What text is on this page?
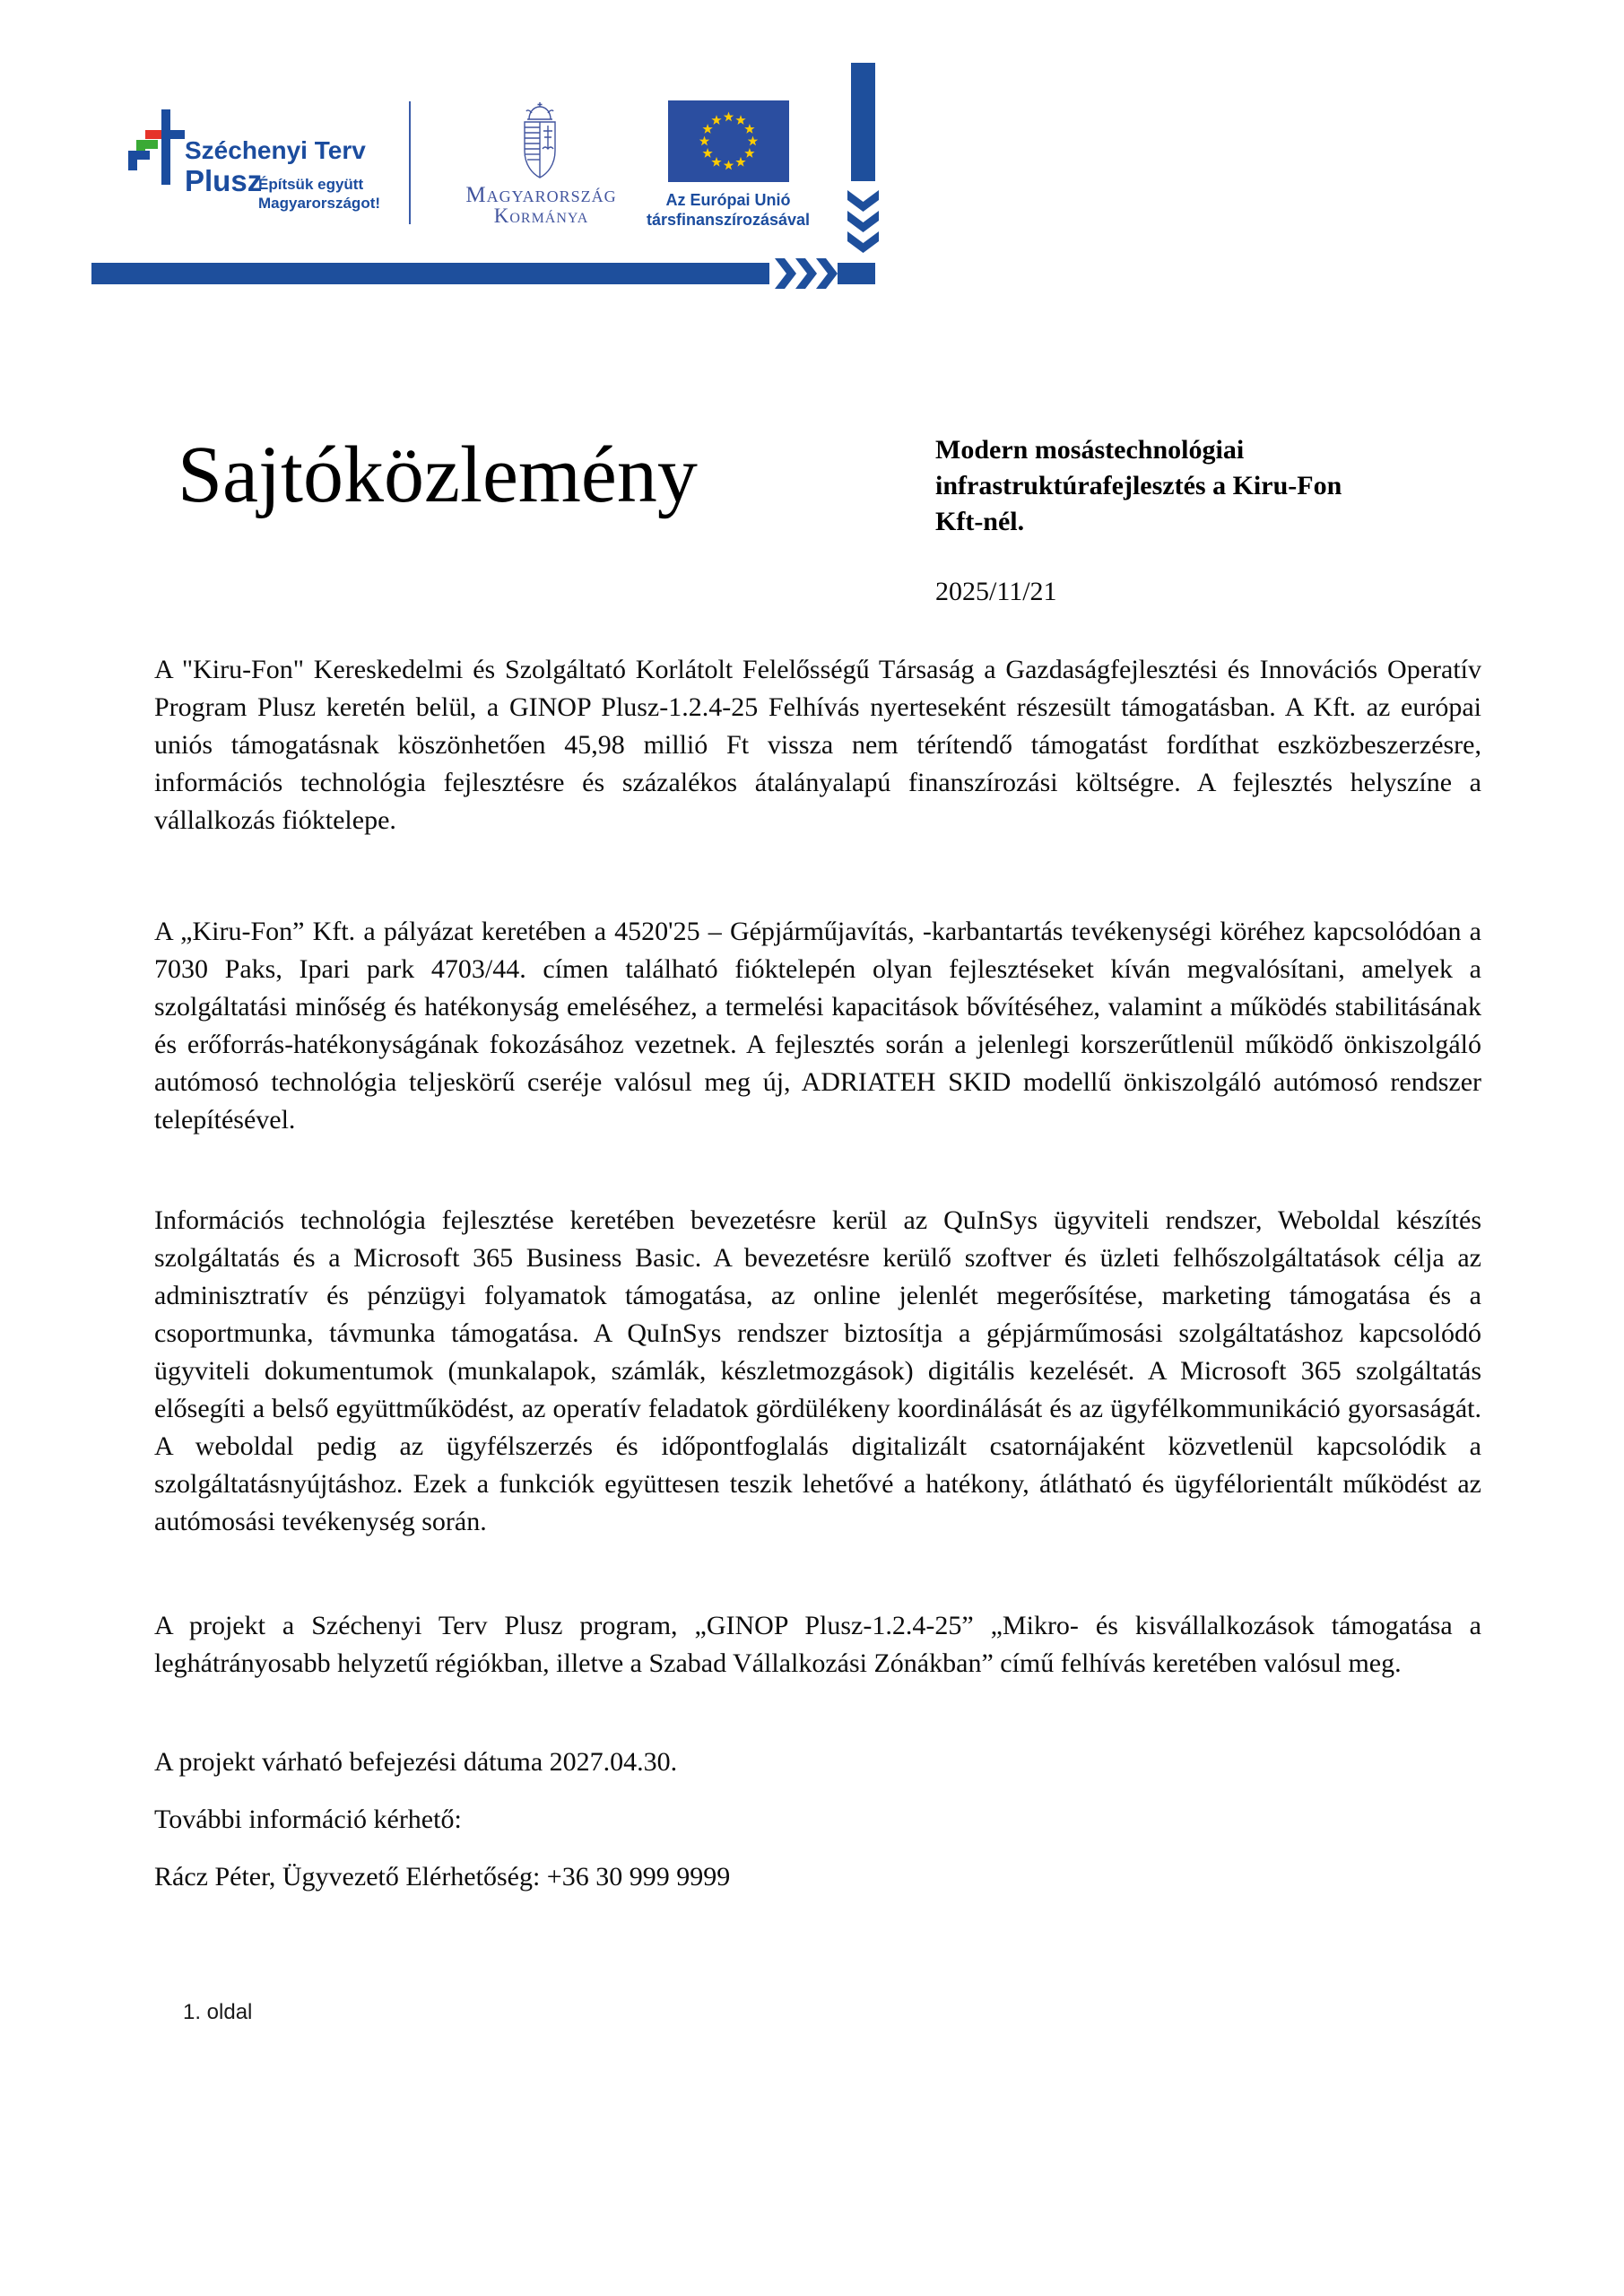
Széchenyi Terv
Plusz
Építsük együtt
Magyarországot!	Magyarország
Kormánya
Az Európai Unió
társfinanszírozásával
Sajtóközlemény	Modern mosástechnológiai
infrastruktúrafejlesztés a Kiru-Fon
Kft-nél.
2025/11/21
A "Kiru-Fon" Kereskedelmi és Szolgáltató Korlátolt Felelősségű Társaság a Gazdaságfejlesztési és Innovációs Operatív Program Plusz keretén belül, a GINOP Plusz-1.2.4-25 Felhívás nyerteseként részesült támogatásban. A Kft. az európai uniós támogatásnak köszönhetően 45,98 millió Ft vissza nem térítendő támogatást fordíthat eszközbeszerzésre, információs technológia fejlesztésre és százalékos átalányalapú finanszírozási költségre. A fejlesztés helyszíne a vállalkozás fióktelepe.
A „Kiru-Fon” Kft. a pályázat keretében a 4520'25 – Gépjárműjavítás, -karbantartás tevékenységi köréhez kapcsolódóan a 7030 Paks, Ipari park 4703/44. címen található fióktelepén olyan fejlesztéseket kíván megvalósítani, amelyek a szolgáltatási minőség és hatékonyság emeléséhez, a termelési kapacitások bővítéséhez, valamint a működés stabilitásának és erőforrás-hatékonyságának fokozásához vezetnek. A fejlesztés során a jelenlegi korszerűtlenül működő önkiszolgáló autómosó technológia teljeskörű cseréje valósul meg új, ADRIATEH SKID modellű önkiszolgáló autómosó rendszer telepítésével.
Információs technológia fejlesztése keretében bevezetésre kerül az QuInSys ügyviteli rendszer, Weboldal készítés szolgáltatás és a Microsoft 365 Business Basic. A bevezetésre kerülő szoftver és üzleti felhőszolgáltatások célja az adminisztratív és pénzügyi folyamatok támogatása, az online jelenlét megerősítése, marketing támogatása és a csoportmunka, távmunka támogatása. A QuInSys rendszer biztosítja a gépjárműmosási szolgáltatáshoz kapcsolódó ügyviteli dokumentumok (munkalapok, számlák, készletmozgások) digitális kezelését. A Microsoft 365 szolgáltatás elősegíti a belső együttműködést, az operatív feladatok gördülékeny koordinálását és az ügyfélkommunikáció gyorsaságát. A weboldal pedig az ügyfélszerzés és időpontfoglalás digitalizált csatornájaként közvetlenül kapcsolódik a szolgáltatásnyújtáshoz. Ezek a funkciók együttesen teszik lehetővé a hatékony, átlátható és ügyfélorientált működést az autómosási tevékenység során.
A projekt a Széchenyi Terv Plusz program, „GINOP Plusz-1.2.4-25” „Mikro- és kisvállalkozások támogatása a leghátrányosabb helyzetű régiókban, illetve a Szabad Vállalkozási Zónákban” című felhívás keretében valósul meg.
A projekt várható befejezési dátuma 2027.04.30.
További információ kérhető:
Rácz Péter, Ügyvezető Elérhetőség: +36 30 999 9999
1. oldal
